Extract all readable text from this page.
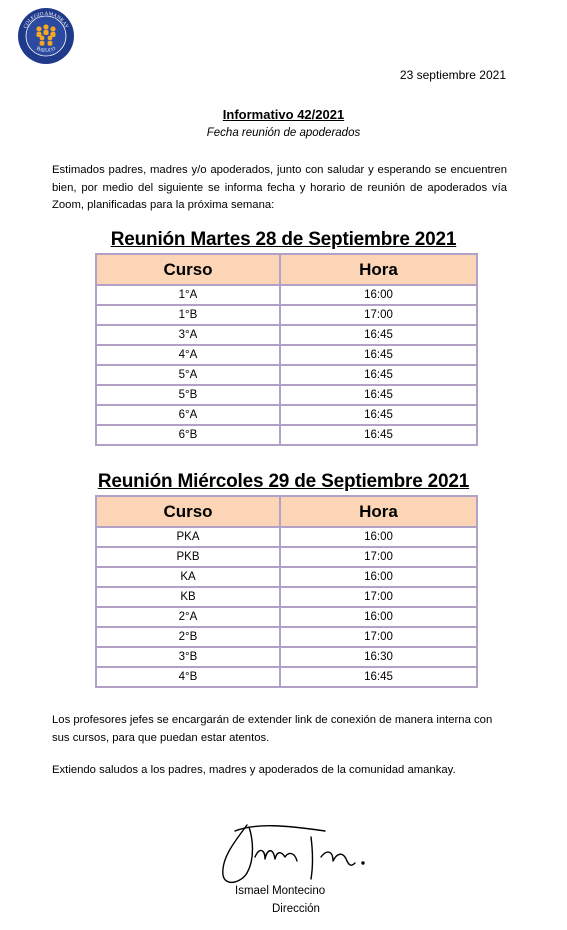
COLEGIO AMANKAY
BATUCO
23 septiembre 2021
Informativo 42/2021
Fecha reunión de apoderados
Estimados padres, madres y/o apoderados, junto con saludar y esperando se encuentren bien, por medio del siguiente se informa fecha y horario de reunión de apoderados vía Zoom, planificadas para la próxima semana:
Reunión Martes 28 de Septiembre 2021
Curso	Hora
1°A	16:00
1°B	17:00
3°A	16:45
4°A	16:45
5°A	16:45
5°B	16:45
6°A	16:45
6°B	16:45
Reunión Miércoles 29 de Septiembre 2021
Curso	Hora
PKA	16:00
PKB	17:00
KA	16:00
KB	17:00
2°A	16:00
2°B	17:00
3°B	16:30
4°B	16:45
Los profesores jefes se encargarán de extender link de conexión de manera interna con sus cursos, para que puedan estar atentos.
Extiendo saludos a los padres, madres y apoderados de la comunidad amankay.
Ismael Montecino
Dirección
